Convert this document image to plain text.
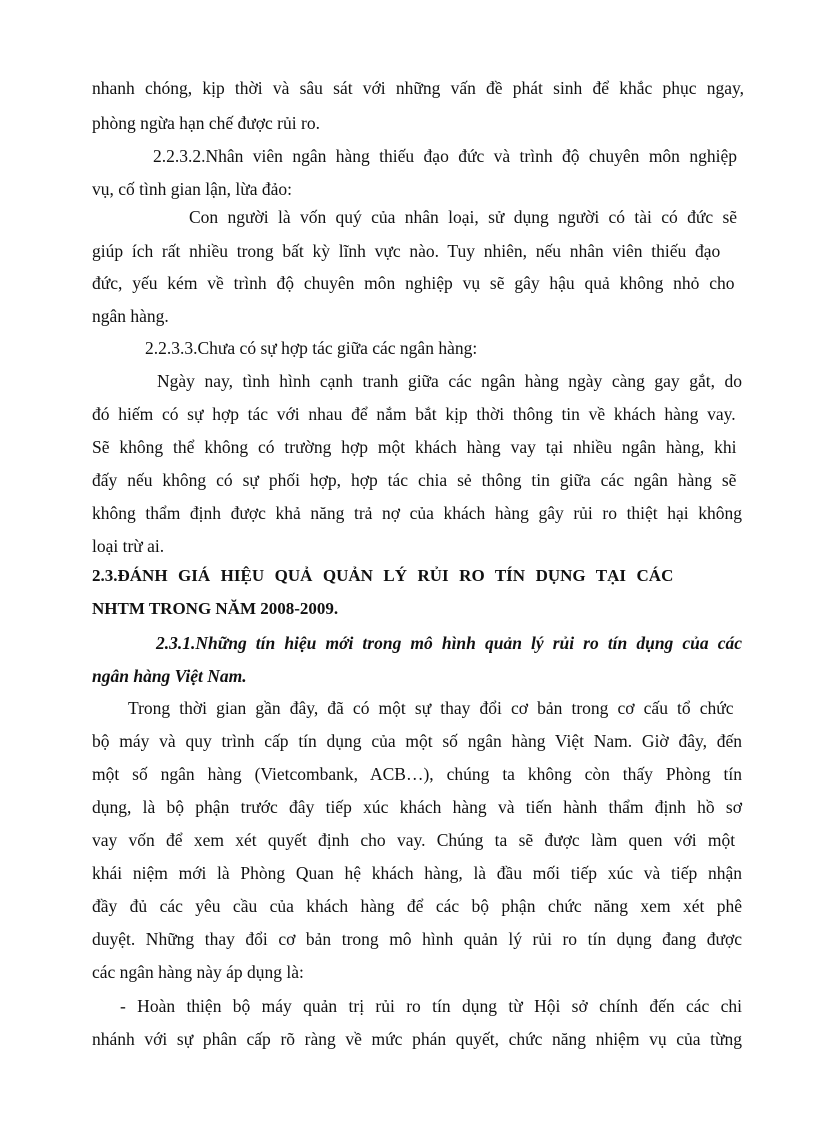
nhanh chóng, kịp thời và sâu sát với những vấn đề phát sinh để khắc phục ngay,
phòng ngừa hạn chế được rủi ro.
2.2.3.2.Nhân viên ngân hàng thiếu đạo đức và trình độ chuyên môn nghiệp
vụ, cố tình gian lận, lừa đảo:
Con người là vốn quý của nhân loại, sử dụng người có tài có đức sẽ
giúp ích rất nhiều trong bất kỳ lĩnh vực nào. Tuy nhiên, nếu nhân viên thiếu đạo
đức, yếu kém về trình độ chuyên môn nghiệp vụ sẽ gây hậu quả không nhỏ cho
ngân hàng.
2.2.3.3.Chưa có sự hợp tác giữa các ngân hàng:
Ngày nay, tình hình cạnh tranh giữa các ngân hàng ngày càng gay gắt, do
đó hiếm có sự hợp tác với nhau để nắm bắt kịp thời thông tin về khách hàng vay.
Sẽ không thể không có trường hợp một khách hàng vay tại nhiều ngân hàng, khi
đấy nếu không có sự phối hợp, hợp tác chia sẻ thông tin giữa các ngân hàng sẽ
không thẩm định được khả năng trả nợ của khách hàng gây rủi ro thiệt hại không
loại trừ ai.
2.3.ĐÁNH GIÁ HIỆU QUẢ QUẢN LÝ RỦI RO TÍN DỤNG TẠI CÁC
NHTM TRONG NĂM 2008-2009.
2.3.1.Những tín hiệu mới trong mô hình quản lý rủi ro tín dụng của các
ngân hàng Việt Nam.
Trong thời gian gần đây, đã có một sự thay đổi cơ bản trong cơ cấu tổ chức
bộ máy và quy trình cấp tín dụng của một số ngân hàng Việt Nam. Giờ đây, đến
một số ngân hàng (Vietcombank, ACB…), chúng ta không còn thấy Phòng tín
dụng, là bộ phận trước đây tiếp xúc khách hàng và tiến hành thẩm định hồ sơ
vay vốn để xem xét quyết định cho vay. Chúng ta sẽ được làm quen với một
khái niệm mới là Phòng Quan hệ khách hàng, là đầu mối tiếp xúc và tiếp nhận
đầy đủ các yêu cầu của khách hàng để các bộ phận chức năng xem xét phê
duyệt. Những thay đổi cơ bản trong mô hình quản lý rủi ro tín dụng đang được
các ngân hàng này áp dụng là:
- Hoàn thiện bộ máy quản trị rủi ro tín dụng từ Hội sở chính đến các chi
nhánh với sự phân cấp rõ ràng về mức phán quyết, chức năng nhiệm vụ của từng
